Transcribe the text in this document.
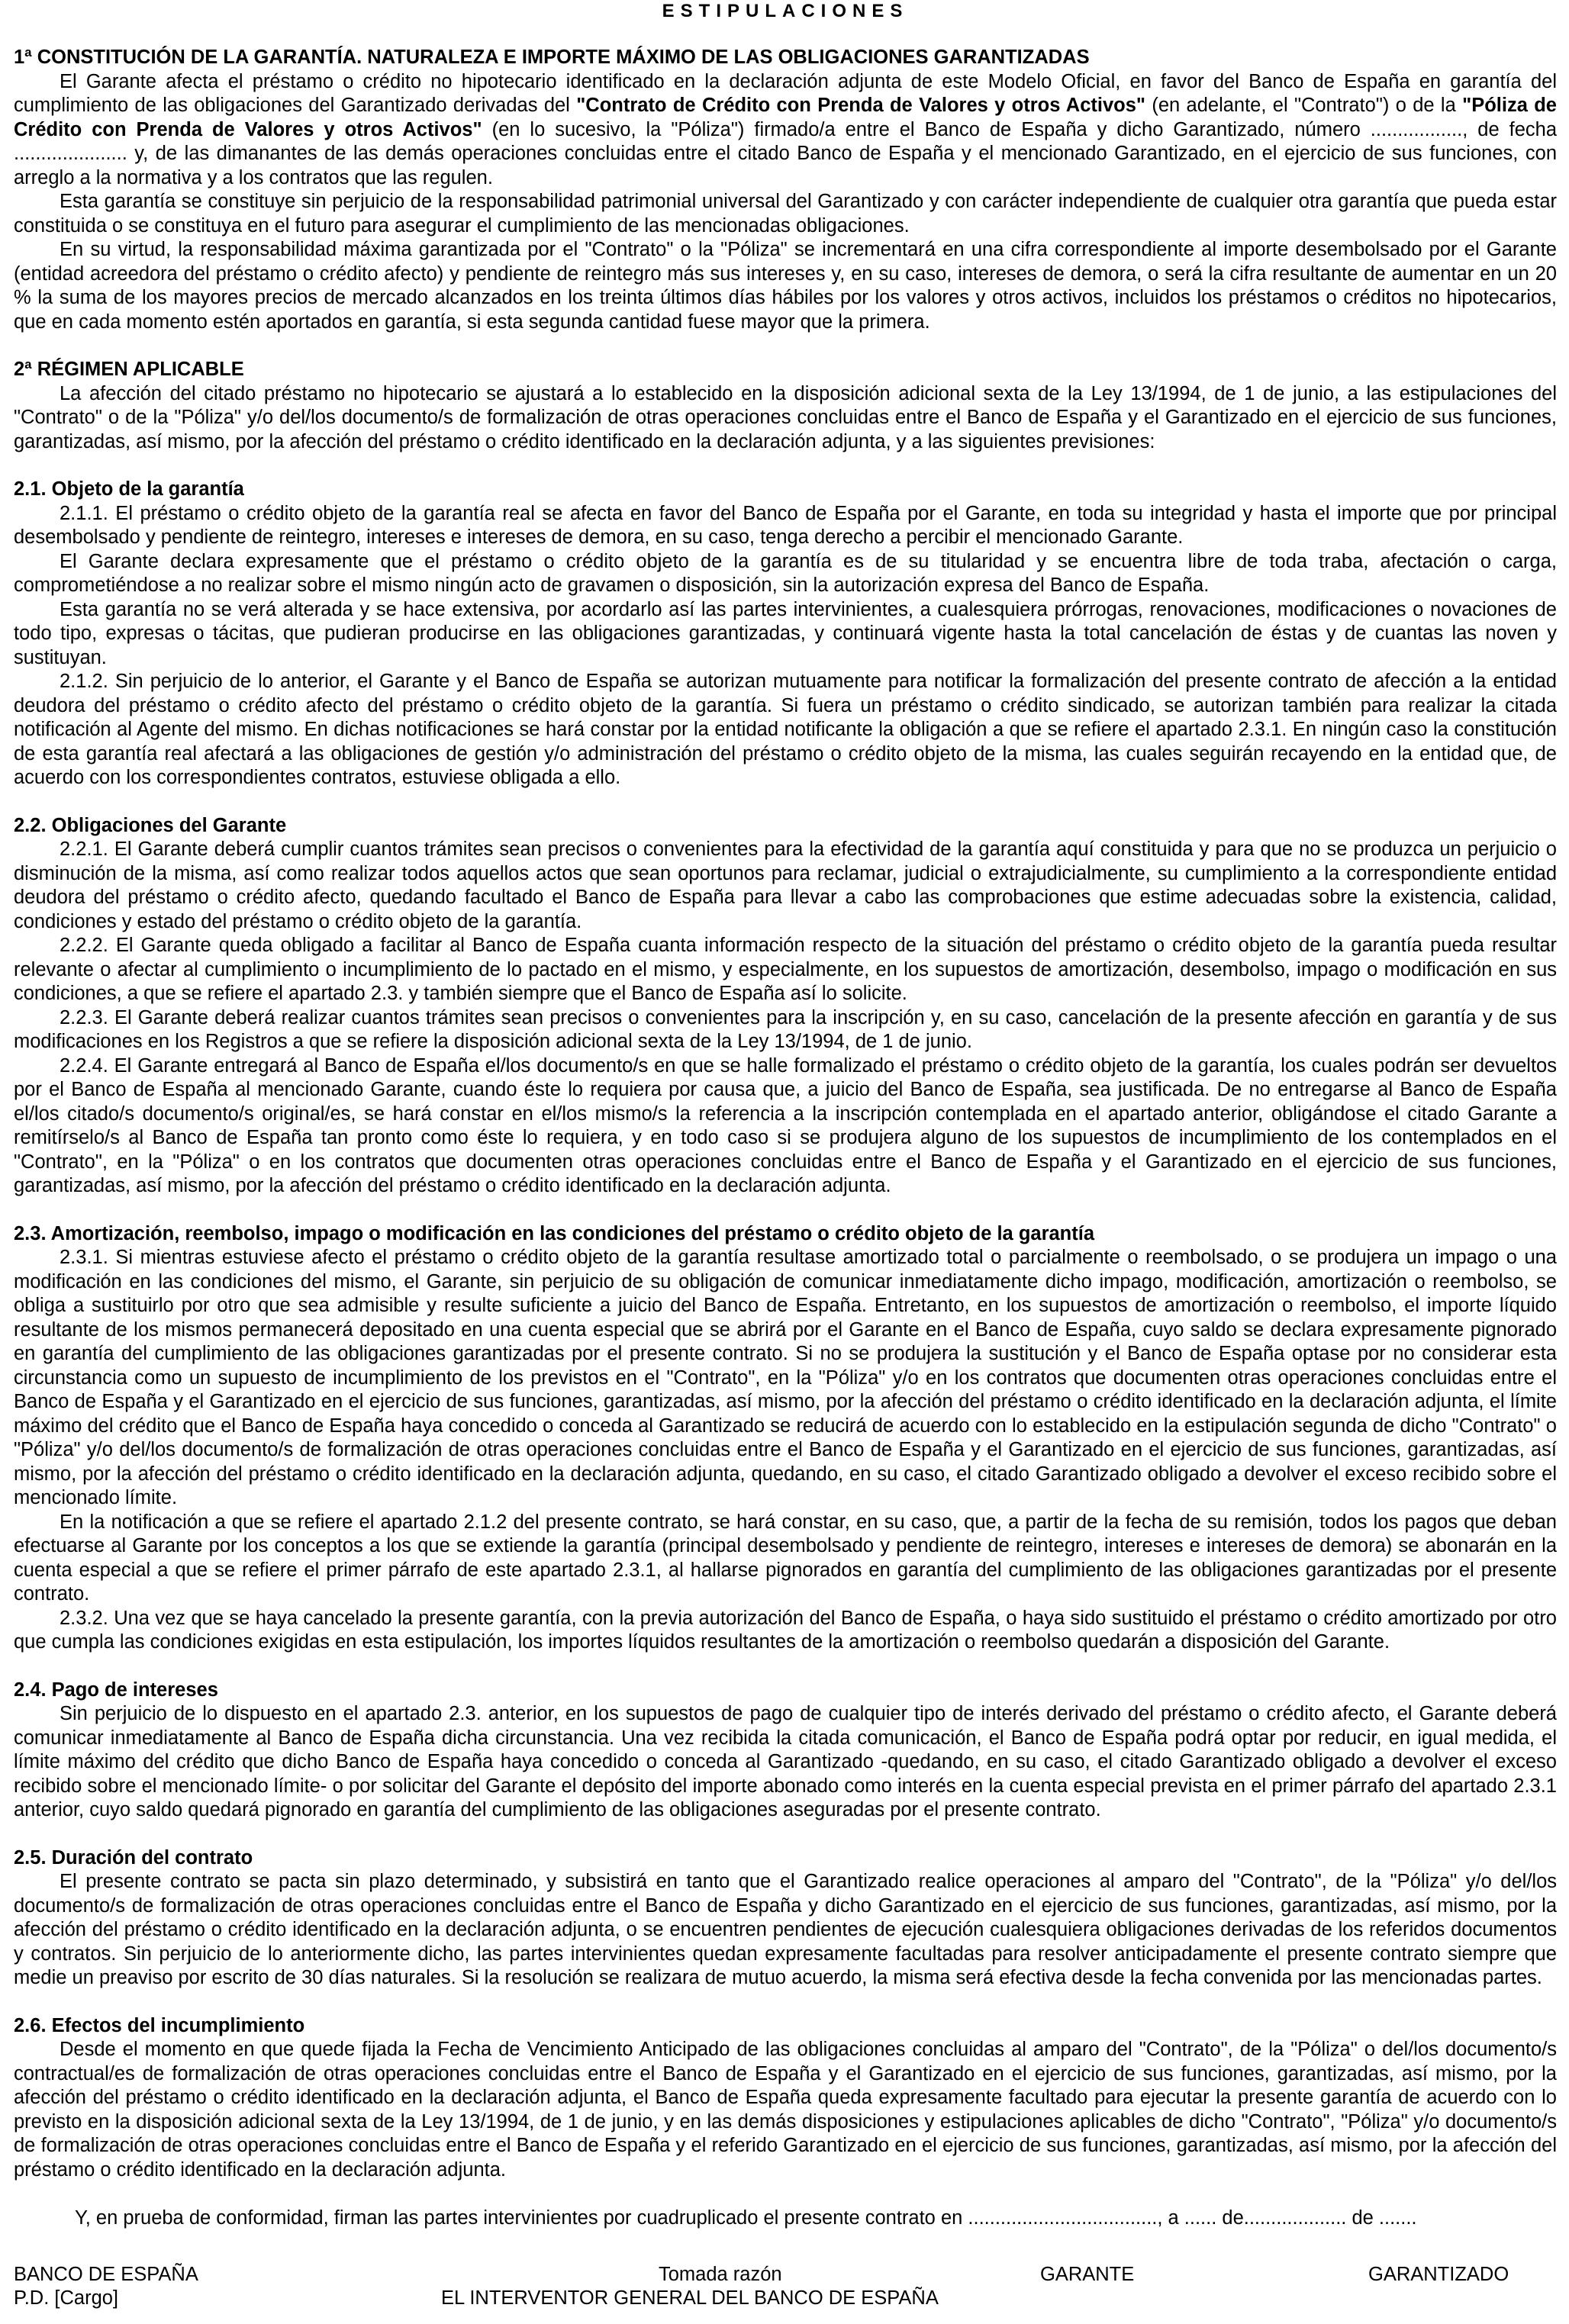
ESTIPULACIONES
1ª CONSTITUCIÓN DE LA GARANTÍA. NATURALEZA E IMPORTE MÁXIMO DE LAS OBLIGACIONES GARANTIZADAS

El Garante afecta el préstamo o crédito no hipotecario identificado en la declaración adjunta de este Modelo Oficial, en favor del Banco de España en garantía del cumplimiento de las obligaciones del Garantizado derivadas del "Contrato de Crédito con Prenda de Valores y otros Activos" (en adelante, el "Contrato") o de la "Póliza de Crédito con Prenda de Valores y otros Activos" (en lo sucesivo, la "Póliza") firmado/a entre el Banco de España y dicho Garantizado, número ................., de fecha ..................... y, de las dimanantes de las demás operaciones concluidas entre el citado Banco de España y el mencionado Garantizado, en el ejercicio de sus funciones, con arreglo a la normativa y a los contratos que las regulen.

Esta garantía se constituye sin perjuicio de la responsabilidad patrimonial universal del Garantizado y con carácter independiente de cualquier otra garantía que pueda estar constituida o se constituya en el futuro para asegurar el cumplimiento de las mencionadas obligaciones.

En su virtud, la responsabilidad máxima garantizada por el "Contrato" o la "Póliza" se incrementará en una cifra correspondiente al importe desembolsado por el Garante (entidad acreedora del préstamo o crédito afecto) y pendiente de reintegro más sus intereses y, en su caso, intereses de demora, o será la cifra resultante de aumentar en un 20 % la suma de los mayores precios de mercado alcanzados en los treinta últimos días hábiles por los valores y otros activos, incluidos los préstamos o créditos no hipotecarios, que en cada momento estén aportados en garantía, si esta segunda cantidad fuese mayor que la primera.

2ª RÉGIMEN APLICABLE

La afección del citado préstamo no hipotecario se ajustará a lo establecido en la disposición adicional sexta de la Ley 13/1994, de 1 de junio, a las estipulaciones del "Contrato" o de la "Póliza" y/o del/los documento/s de formalización de otras operaciones concluidas entre el Banco de España y el Garantizado en el ejercicio de sus funciones, garantizadas, así mismo, por la afección del préstamo o crédito identificado en la declaración adjunta, y a las siguientes previsiones:

2.1. Objeto de la garantía

2.1.1. El préstamo o crédito objeto de la garantía real se afecta en favor del Banco de España por el Garante, en toda su integridad y hasta el importe que por principal desembolsado y pendiente de reintegro, intereses e intereses de demora, en su caso, tenga derecho a percibir el mencionado Garante.

El Garante declara expresamente que el préstamo o crédito objeto de la garantía es de su titularidad y se encuentra libre de toda traba, afectación o carga, comprometiéndose a no realizar sobre el mismo ningún acto de gravamen o disposición, sin la autorización expresa del Banco de España.

Esta garantía no se verá alterada y se hace extensiva, por acordarlo así las partes intervinientes, a cualesquiera prórrogas, renovaciones, modificaciones o novaciones de todo tipo, expresas o tácitas, que pudieran producirse en las obligaciones garantizadas, y continuará vigente hasta la total cancelación de éstas y de cuantas las noven y sustituyan.

2.1.2. Sin perjuicio de lo anterior, el Garante y el Banco de España se autorizan mutuamente para notificar la formalización del presente contrato de afección a la entidad deudora del préstamo o crédito afecto del préstamo o crédito objeto de la garantía. Si fuera un préstamo o crédito sindicado, se autorizan también para realizar la citada notificación al Agente del mismo. En dichas notificaciones se hará constar por la entidad notificante la obligación a que se refiere el apartado 2.3.1. En ningún caso la constitución de esta garantía real afectará a las obligaciones de gestión y/o administración del préstamo o crédito objeto de la misma, las cuales seguirán recayendo en la entidad que, de acuerdo con los correspondientes contratos, estuviese obligada a ello.

2.2. Obligaciones del Garante

2.2.1. El Garante deberá cumplir cuantos trámites sean precisos o convenientes para la efectividad de la garantía aquí constituida y para que no se produzca un perjuicio o disminución de la misma, así como realizar todos aquellos actos que sean oportunos para reclamar, judicial o extrajudicialmente, su cumplimiento a la correspondiente entidad deudora del préstamo o crédito afecto, quedando facultado el Banco de España para llevar a cabo las comprobaciones que estime adecuadas sobre la existencia, calidad, condiciones y estado del préstamo o crédito objeto de la garantía.

2.2.2. El Garante queda obligado a facilitar al Banco de España cuanta información respecto de la situación del préstamo o crédito objeto de la garantía pueda resultar relevante o afectar al cumplimiento o incumplimiento de lo pactado en el mismo, y especialmente, en los supuestos de amortización, desembolso, impago o modificación en sus condiciones, a que se refiere el apartado 2.3. y también siempre que el Banco de España así lo solicite.

2.2.3. El Garante deberá realizar cuantos trámites sean precisos o convenientes para la inscripción y, en su caso, cancelación de la presente afección en garantía y de sus modificaciones en los Registros a que se refiere la disposición adicional sexta de la Ley 13/1994, de 1 de junio.

2.2.4. El Garante entregará al Banco de España el/los documento/s en que se halle formalizado el préstamo o crédito objeto de la garantía, los cuales podrán ser devueltos por el Banco de España al mencionado Garante, cuando éste lo requiera por causa que, a juicio del Banco de España, sea justificada. De no entregarse al Banco de España el/los citado/s documento/s original/es, se hará constar en el/los mismo/s la referencia a la inscripción contemplada en el apartado anterior, obligándose el citado Garante a remitírselo/s al Banco de España tan pronto como éste lo requiera, y en todo caso si se produjera alguno de los supuestos de incumplimiento de los contemplados en el "Contrato", en la "Póliza" o en los contratos que documenten otras operaciones concluidas entre el Banco de España y el Garantizado en el ejercicio de sus funciones, garantizadas, así mismo, por la afección del préstamo o crédito identificado en la declaración adjunta.

2.3. Amortización, reembolso, impago o modificación en las condiciones del préstamo o crédito objeto de la garantía

2.3.1. Si mientras estuviese afecto el préstamo o crédito objeto de la garantía resultase amortizado total o parcialmente o reembolsado, o se produjera un impago o una modificación en las condiciones del mismo, el Garante, sin perjuicio de su obligación de comunicar inmediatamente dicho impago, modificación, amortización o reembolso, se obliga a sustituirlo por otro que sea admisible y resulte suficiente a juicio del Banco de España. Entretanto, en los supuestos de amortización o reembolso, el importe líquido resultante de los mismos permanecerá depositado en una cuenta especial que se abrirá por el Garante en el Banco de España, cuyo saldo se declara expresamente pignorado en garantía del cumplimiento de las obligaciones garantizadas por el presente contrato. Si no se produjera la sustitución y el Banco de España optase por no considerar esta circunstancia como un supuesto de incumplimiento de los previstos en el "Contrato", en la "Póliza" y/o en los contratos que documenten otras operaciones concluidas entre el Banco de España y el Garantizado en el ejercicio de sus funciones, garantizadas, así mismo, por la afección del préstamo o crédito identificado en la declaración adjunta, el límite máximo del crédito que el Banco de España haya concedido o conceda al Garantizado se reducirá de acuerdo con lo establecido en la estipulación segunda de dicho "Contrato" o "Póliza" y/o del/los documento/s de formalización de otras operaciones concluidas entre el Banco de España y el Garantizado en el ejercicio de sus funciones, garantizadas, así mismo, por la afección del préstamo o crédito identificado en la declaración adjunta, quedando, en su caso, el citado Garantizado obligado a devolver el exceso recibido sobre el mencionado límite.

En la notificación a que se refiere el apartado 2.1.2 del presente contrato, se hará constar, en su caso, que, a partir de la fecha de su remisión, todos los pagos que deban efectuarse al Garante por los conceptos a los que se extiende la garantía (principal desembolsado y pendiente de reintegro, intereses e intereses de demora) se abonarán en la cuenta especial a que se refiere el primer párrafo de este apartado 2.3.1, al hallarse pignorados en garantía del cumplimiento de las obligaciones garantizadas por el presente contrato.

2.3.2. Una vez que se haya cancelado la presente garantía, con la previa autorización del Banco de España, o haya sido sustituido el préstamo o crédito amortizado por otro que cumpla las condiciones exigidas en esta estipulación, los importes líquidos resultantes de la amortización o reembolso quedarán a disposición del Garante.

2.4. Pago de intereses

Sin perjuicio de lo dispuesto en el apartado 2.3. anterior, en los supuestos de pago de cualquier tipo de interés derivado del préstamo o crédito afecto, el Garante deberá comunicar inmediatamente al Banco de España dicha circunstancia. Una vez recibida la citada comunicación, el Banco de España podrá optar por reducir, en igual medida, el límite máximo del crédito que dicho Banco de España haya concedido o conceda al Garantizado -quedando, en su caso, el citado Garantizado obligado a devolver el exceso recibido sobre el mencionado límite- o por solicitar del Garante el depósito del importe abonado como interés en la cuenta especial prevista en el primer párrafo del apartado 2.3.1 anterior, cuyo saldo quedará pignorado en garantía del cumplimiento de las obligaciones aseguradas por el presente contrato.

2.5. Duración del contrato

El presente contrato se pacta sin plazo determinado, y subsistirá en tanto que el Garantizado realice operaciones al amparo del "Contrato", de la "Póliza" y/o del/los documento/s de formalización de otras operaciones concluidas entre el Banco de España y dicho Garantizado en el ejercicio de sus funciones, garantizadas, así mismo, por la afección del préstamo o crédito identificado en la declaración adjunta, o se encuentren pendientes de ejecución cualesquiera obligaciones derivadas de los referidos documentos y contratos. Sin perjuicio de lo anteriormente dicho, las partes intervinientes quedan expresamente facultadas para resolver anticipadamente el presente contrato siempre que medie un preaviso por escrito de 30 días naturales. Si la resolución se realizara de mutuo acuerdo, la misma será efectiva desde la fecha convenida por las mencionadas partes.

2.6. Efectos del incumplimiento

Desde el momento en que quede fijada la Fecha de Vencimiento Anticipado de las obligaciones concluidas al amparo del "Contrato", de la "Póliza" o del/los documento/s contractual/es de formalización de otras operaciones concluidas entre el Banco de España y el Garantizado en el ejercicio de sus funciones, garantizadas, así mismo, por la afección del préstamo o crédito identificado en la declaración adjunta, el Banco de España queda expresamente facultado para ejecutar la presente garantía de acuerdo con lo previsto en la disposición adicional sexta de la Ley 13/1994, de 1 de junio, y en las demás disposiciones y estipulaciones aplicables de dicho "Contrato", "Póliza" y/o documento/s de formalización de otras operaciones concluidas entre el Banco de España y el referido Garantizado en el ejercicio de sus funciones, garantizadas, así mismo, por la afección del préstamo o crédito identificado en la declaración adjunta.

Y, en prueba de conformidad, firman las partes intervinientes por cuadruplicado el presente contrato en ..................................., a ...... de................... de .......

BANCO DE ESPAÑA
P.D. [Cargo]
Tomada razón
EL INTERVENTOR GENERAL DEL BANCO DE ESPAÑA
GARANTE	GARANTIZADO
